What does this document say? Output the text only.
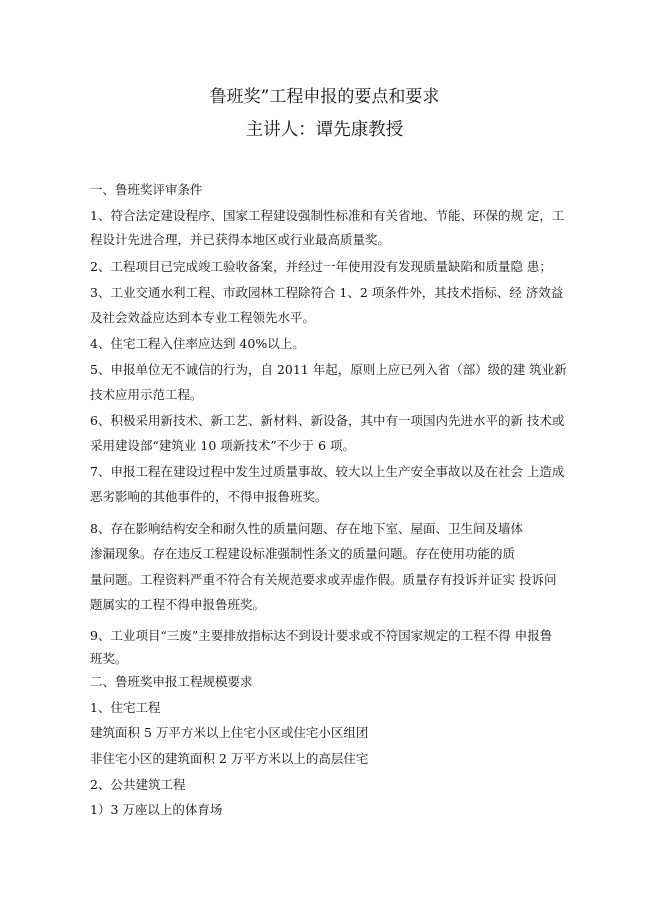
鲁班奖”工程申报的要点和要求
主讲人：谭先康教授
一、鲁班奖评审条件
1、符合法定建设程序、国家工程建设强制性标准和有关省地、节能、环保的规 定，工
程设计先进合理，并已获得本地区或行业最高质量奖。
2、工程项目已完成竣工验收备案，并经过一年使用没有发现质量缺陷和质量隐 患；
3、工业交通水利工程、市政园林工程除符合 1、2 项条件外，其技术指标、经 济效益
及社会效益应达到本专业工程领先水平。
4、住宅工程入住率应达到 40%以上。
5、申报单位无不诚信的行为，自 2011 年起，原则上应已列入省（部）级的建 筑业新
技术应用示范工程。
6、积极采用新技术、新工艺、新材料、新设备，其中有一项国内先进水平的新 技术或
采用建设部“建筑业 10 项新技术”不少于 6 项。
7、申报工程在建设过程中发生过质量事故、较大以上生产安全事故以及在社会 上造成
恶劣影响的其他事件的，不得申报鲁班奖。
8、存在影响结构安全和耐久性的质量问题、存在地下室、屋面、卫生间及墙体
渗漏现象。存在违反工程建设标准强制性条文的质量问题。存在使用功能的质
量问题。工程资料严重不符合有关规范要求或弄虚作假。质量存有投诉并证实 投诉问
题属实的工程不得申报鲁班奖。
9、工业项目“三废”主要排放指标达不到设计要求或不符国家规定的工程不得 申报鲁
班奖。
二、鲁班奖申报工程规模要求
1、住宅工程
建筑面积 5 万平方米以上住宅小区或住宅小区组团
非住宅小区的建筑面积 2 万平方米以上的高层住宅
2、公共建筑工程
1）3 万座以上的体育场
